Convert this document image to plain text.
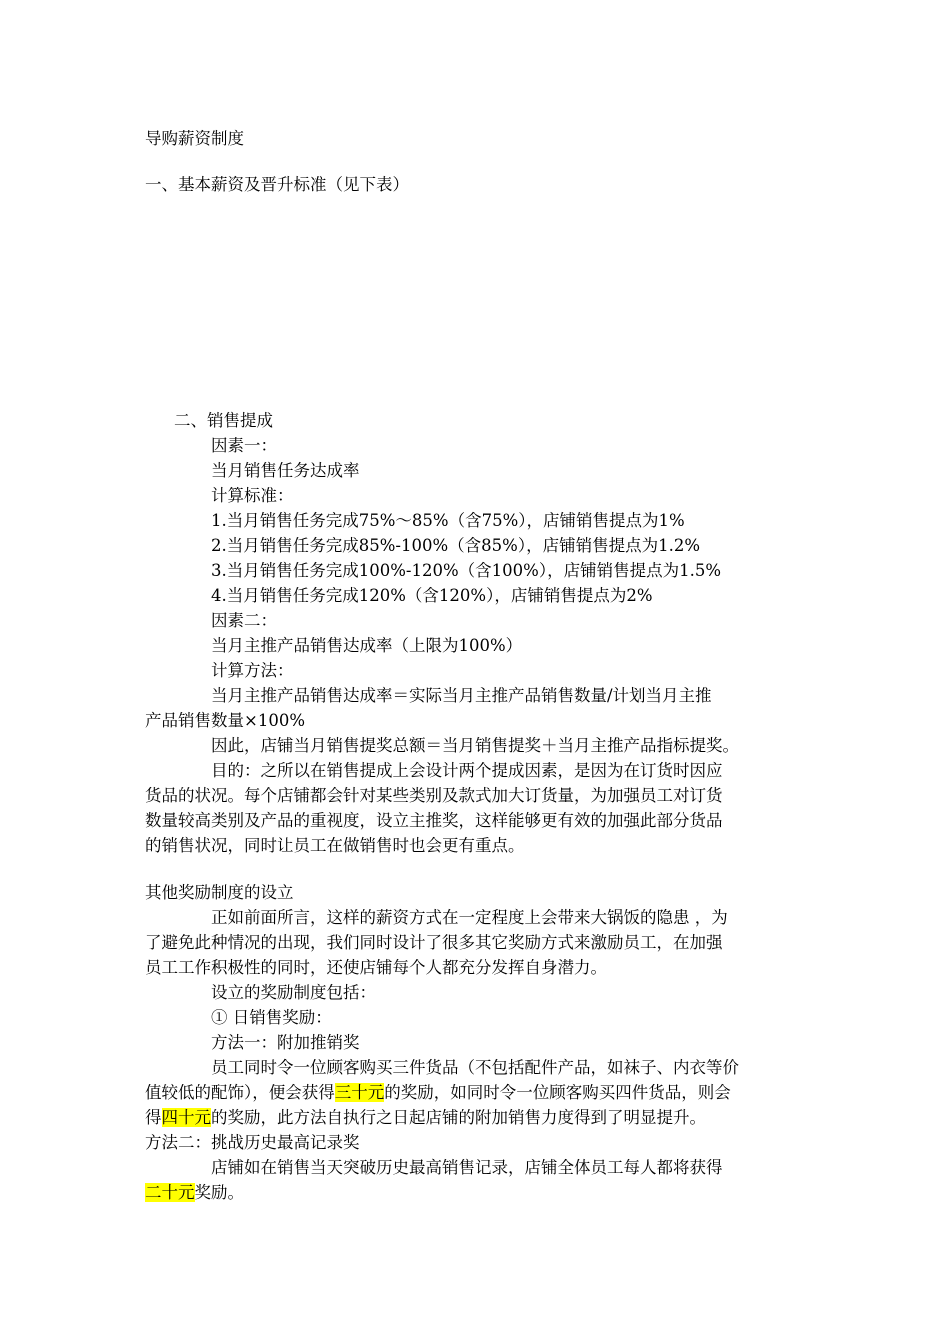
导购薪资制度
一、基本薪资及晋升标准（见下表）
二、销售提成
因素一：
当月销售任务达成率
计算标准：
1.当月销售任务完成75%～85%（含75%），店铺销售提点为1%
2.当月销售任务完成85%-100%（含85%），店铺销售提点为1.2%
3.当月销售任务完成100%-120%（含100%），店铺销售提点为1.5%
4.当月销售任务完成120%（含120%），店铺销售提点为2%
因素二：
当月主推产品销售达成率（上限为100%）
计算方法：
当月主推产品销售达成率＝实际当月主推产品销售数量/计划当月主推
产品销售数量×100%
因此，店铺当月销售提奖总额＝当月销售提奖＋当月主推产品指标提奖。
目的：之所以在销售提成上会设计两个提成因素，是因为在订货时因应
货品的状况。每个店铺都会针对某些类别及款式加大订货量，为加强员工对订货
数量较高类别及产品的重视度，设立主推奖，这样能够更有效的加强此部分货品
的销售状况，同时让员工在做销售时也会更有重点。
其他奖励制度的设立
正如前面所言，这样的薪资方式在一定程度上会带来大锅饭的隐患 ，为
了避免此种情况的出现，我们同时设计了很多其它奖励方式来激励员工，在加强
员工工作积极性的同时，还使店铺每个人都充分发挥自身潜力。
设立的奖励制度包括：
① 日销售奖励：
方法一：附加推销奖
员工同时令一位顾客购买三件货品（不包括配件产品，如袜子、内衣等价
值较低的配饰），便会获得三十元的奖励，如同时令一位顾客购买四件货品，则会
得四十元的奖励，此方法自执行之日起店铺的附加销售力度得到了明显提升。
方法二：挑战历史最高记录奖
店铺如在销售当天突破历史最高销售记录，店铺全体员工每人都将获得
二十元奖励。
